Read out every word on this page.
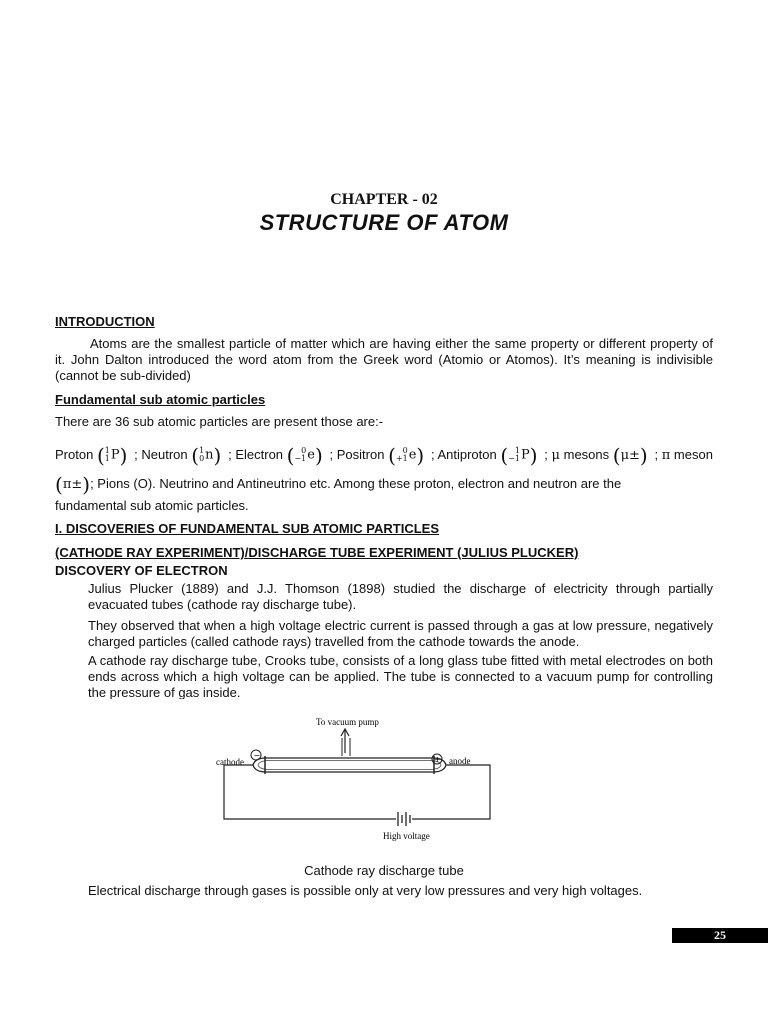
CHAPTER - 02
STRUCTURE OF ATOM
INTRODUCTION
Atoms are the smallest particle of matter which are having either the same property or different property of it. John Dalton introduced the word atom from the Greek word (Atomio or Atomos). It’s meaning is indivisible (cannot be sub-divided)
Fundamental sub atomic particles
There are 36 sub atomic particles are present those are:-
Proton ( 1
1 P) ; Neutron ( 1
0 n) ; Electron ( 0
−1 e) ; Positron ( 0
+1 e) ; Antiproton ( 1
−1 P) ; μ mesons (μ±) ; π meson
(π±); Pions (O). Neutrino and Antineutrino etc. Among these proton, electron and neutron are the
fundamental sub atomic particles.
I. DISCOVERIES OF FUNDAMENTAL SUB ATOMIC PARTICLES
(CATHODE RAY EXPERIMENT)/DISCHARGE TUBE EXPERIMENT (JULIUS PLUCKER)
DISCOVERY OF ELECTRON
Julius Plucker (1889) and J.J. Thomson (1898) studied the discharge of electricity through partially evacuated tubes (cathode ray discharge tube).
They observed that when a high voltage electric current is passed through a gas at low pressure, negatively charged particles (called cathode rays) travelled from the cathode towards the anode.
A cathode ray discharge tube, Crooks tube, consists of a long glass tube fitted with metal electrodes on both ends across which a high voltage can be applied. The tube is connected to a vacuum pump for controlling the pressure of gas inside.
To vacuum pump
−	+
cathode	anode
High voltage
Cathode ray discharge tube
Electrical discharge through gases is possible only at very low pressures and very high voltages.
25
